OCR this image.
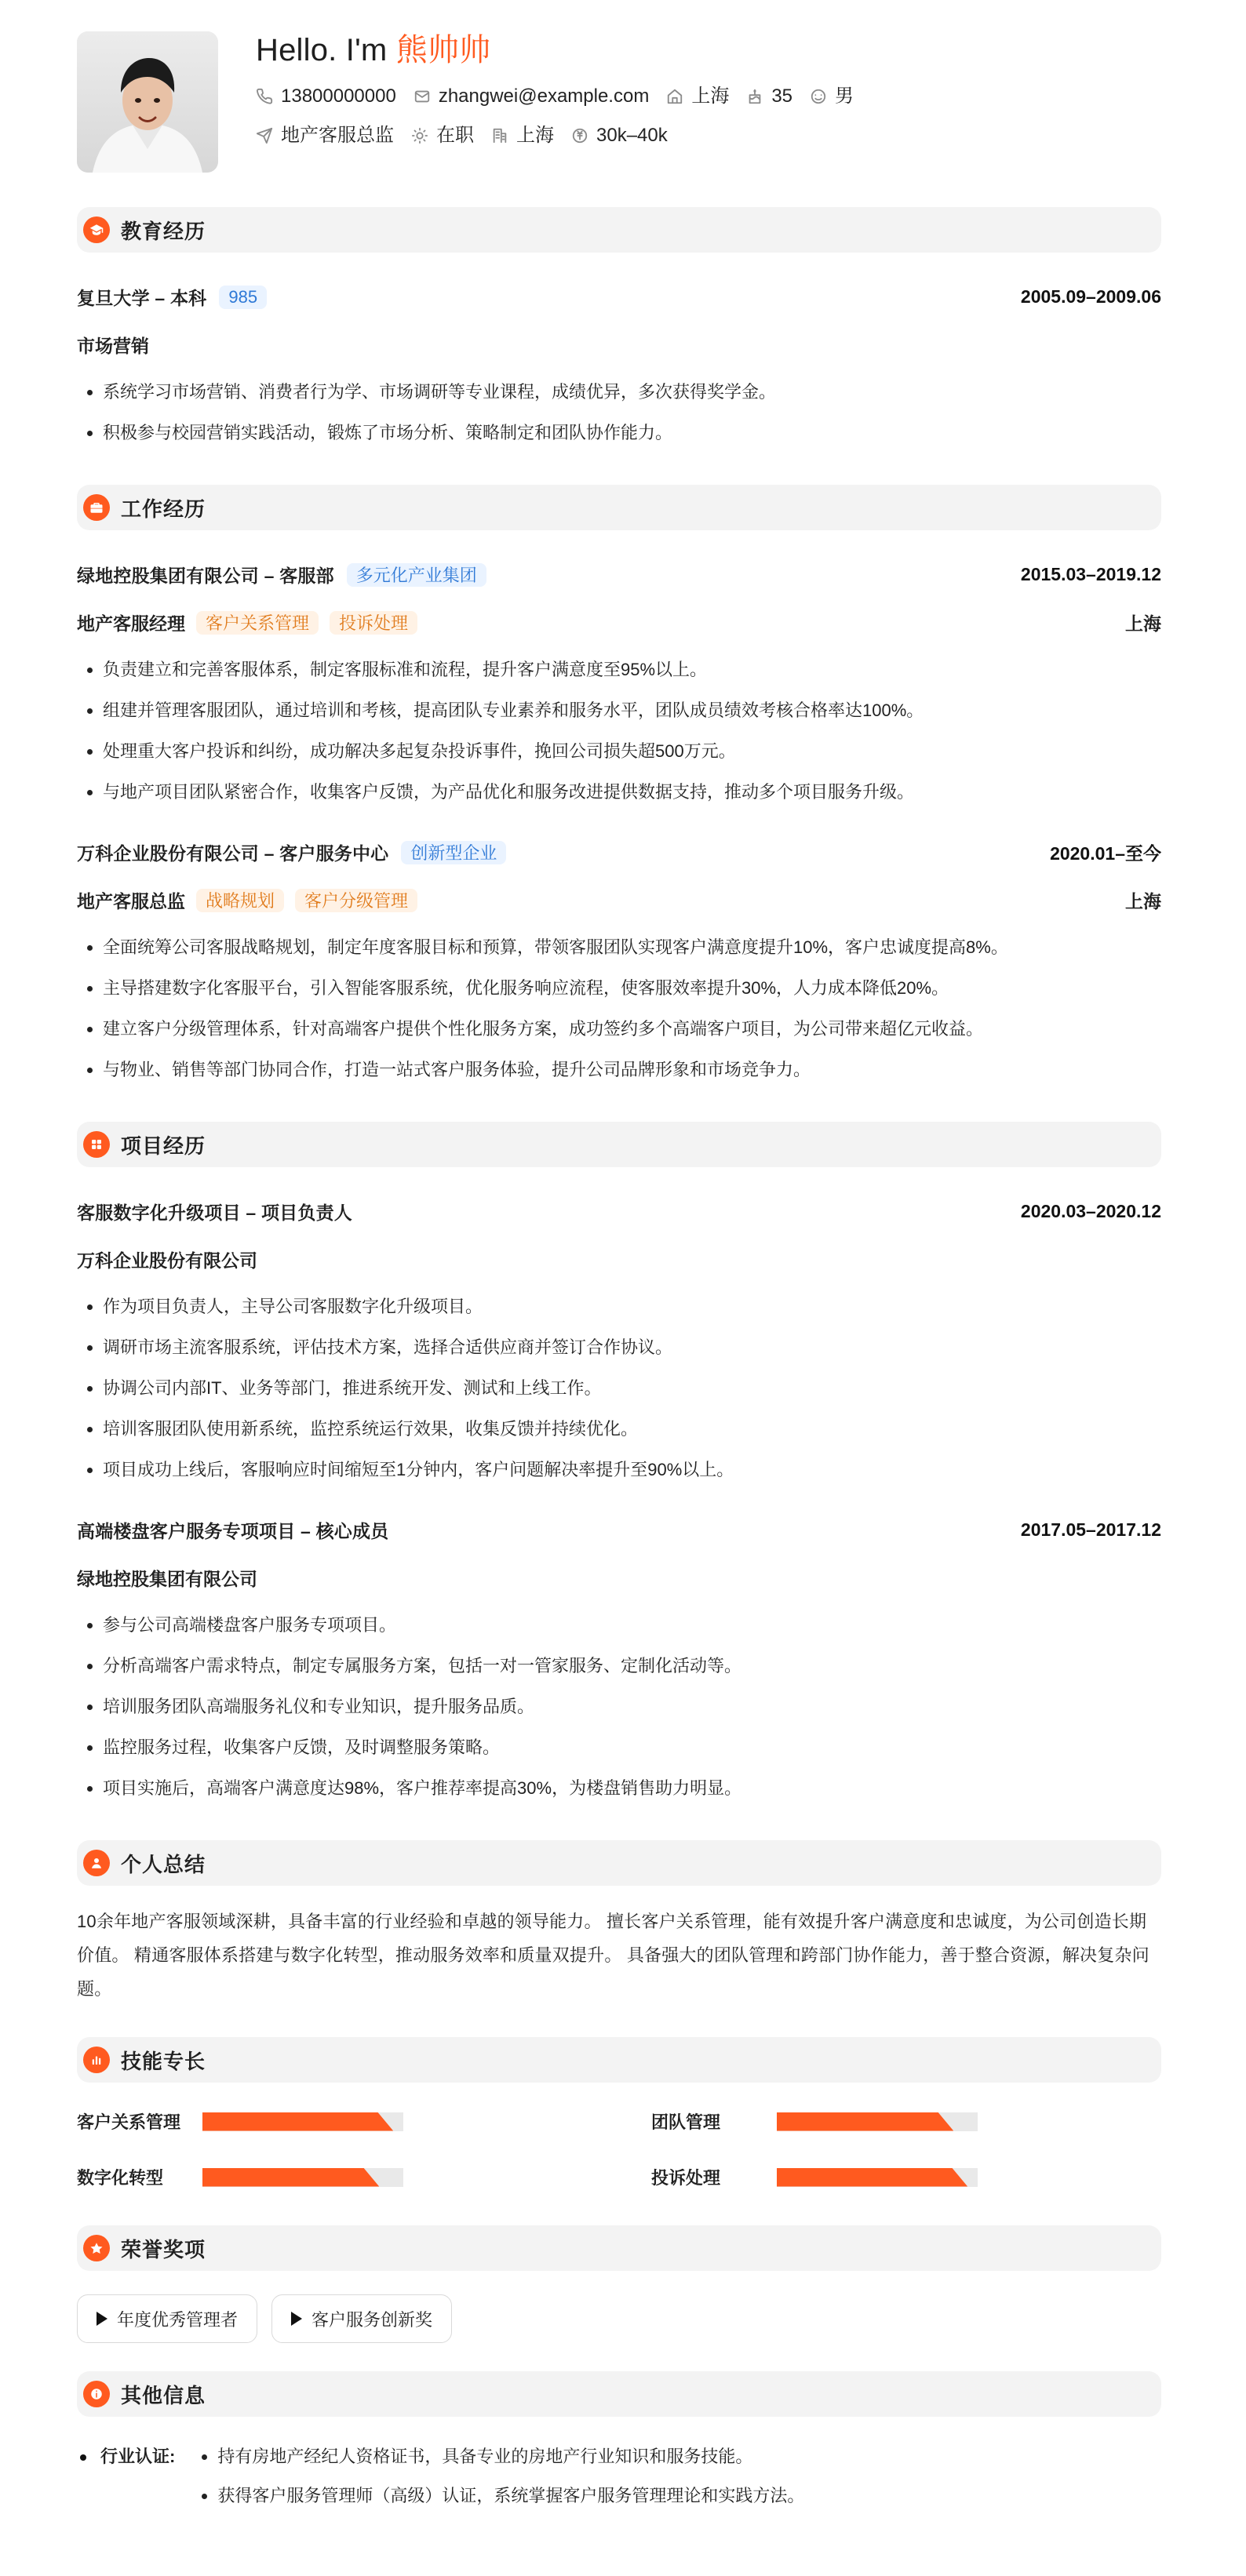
Hello. I'm 熊帅帅
13800000000 zhangwei@example.com 上海 35 男
地产客服总监 在职 上海 30k–40k
教育经历
复旦大学 – 本科	985	2005.09–2009.06
市场营销
• 系统学习市场营销、消费者行为学、市场调研等专业课程，成绩优异，多次获得奖学金。
• 积极参与校园营销实践活动，锻炼了市场分析、策略制定和团队协作能力。
工作经历
绿地控股集团有限公司 – 客服部	多元化产业集团	2015.03–2019.12
地产客服经理	客户关系管理	投诉处理	上海
• 负责建立和完善客服体系，制定客服标准和流程，提升客户满意度至95%以上。
• 组建并管理客服团队，通过培训和考核，提高团队专业素养和服务水平，团队成员绩效考核合格率达100%。
• 处理重大客户投诉和纠纷，成功解决多起复杂投诉事件，挽回公司损失超500万元。
• 与地产项目团队紧密合作，收集客户反馈，为产品优化和服务改进提供数据支持，推动多个项目服务升级。
万科企业股份有限公司 – 客户服务中心	创新型企业	2020.01–至今
地产客服总监	战略规划	客户分级管理	上海
• 全面统筹公司客服战略规划，制定年度客服目标和预算，带领客服团队实现客户满意度提升10%，客户忠诚度提高8%。
• 主导搭建数字化客服平台，引入智能客服系统，优化服务响应流程，使客服效率提升30%，人力成本降低20%。
• 建立客户分级管理体系，针对高端客户提供个性化服务方案，成功签约多个高端客户项目，为公司带来超亿元收益。
• 与物业、销售等部门协同合作，打造一站式客户服务体验，提升公司品牌形象和市场竞争力。
项目经历
客服数字化升级项目 – 项目负责人	2020.03–2020.12
万科企业股份有限公司
• 作为项目负责人，主导公司客服数字化升级项目。
• 调研市场主流客服系统，评估技术方案，选择合适供应商并签订合作协议。
• 协调公司内部IT、业务等部门，推进系统开发、测试和上线工作。
• 培训客服团队使用新系统，监控系统运行效果，收集反馈并持续优化。
• 项目成功上线后，客服响应时间缩短至1分钟内，客户问题解决率提升至90%以上。
高端楼盘客户服务专项项目 – 核心成员	2017.05–2017.12
绿地控股集团有限公司
• 参与公司高端楼盘客户服务专项项目。
• 分析高端客户需求特点，制定专属服务方案，包括一对一管家服务、定制化活动等。
• 培训服务团队高端服务礼仪和专业知识，提升服务品质。
• 监控服务过程，收集客户反馈，及时调整服务策略。
• 项目实施后，高端客户满意度达98%，客户推荐率提高30%，为楼盘销售助力明显。
个人总结
10余年地产客服领域深耕，具备丰富的行业经验和卓越的领导能力。 擅长客户关系管理，能有效提升客户满意度和忠诚度，为公司创造长期价值。 精通客服体系搭建与数字化转型，推动服务效率和质量双提升。 具备强大的团队管理和跨部门协作能力，善于整合资源，解决复杂问题。
技能专长
客户关系管理	团队管理
数字化转型	投诉处理
荣誉奖项
年度优秀管理者	客户服务创新奖
其他信息
行业认证:
• 持有房地产经纪人资格证书，具备专业的房地产行业知识和服务技能。
• 获得客户服务管理师（高级）认证，系统掌握客户服务管理理论和实践方法。
